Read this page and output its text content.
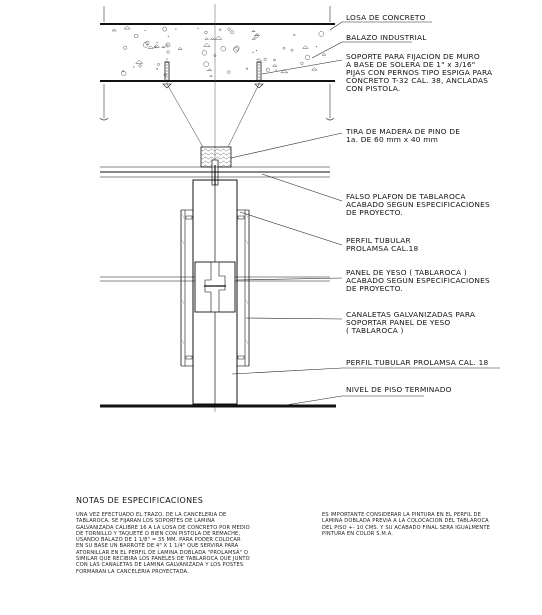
LOSA DE CONCRETO
BALAZO INDUSTRIAL
SOPORTE PARA FIJACION DE MURO A BASE DE SOLERA DE 1" x 3/16" PIJAS CON PERNOS TIPO ESPIGA PARA CONCRETO T-32 CAL. 38, ANCLADAS CON PISTOLA.
TIRA DE MADERA DE PINO DE 1a. DE 60 mm x 40 mm
FALSO PLAFON DE TABLAROCA ACABADO SEGUN ESPECIFICACIONES DE PROYECTO.
PERFIL TUBULAR PROLAMSA CAL.18
PANEL DE YESO ( TABLAROCA ) ACABADO SEGUN ESPECIFICACIONES DE PROYECTO.
CANALETAS GALVANIZADAS PARA SOPORTAR PANEL DE YESO ( TABLAROCA )
PERFIL TUBULAR PROLAMSA CAL. 18
NIVEL DE PISO TERMINADO
NOTAS DE ESPECIFICACIONES

UNA VEZ EFECTUADO EL TRAZO, DE LA CANCELERIA DE

TABLAROCA, SE FIJARAN LOS SOPORTES DE LAMINA

GALVANIZADA CALIBRE 16 A LA LOSA DE CONCRETO POR MEDIO

DE TORNILLO Y TAQUETE O BIEN CON PISTOLA DE REMACHE,

USANDO BALAZO DE 1 1/8" = 35 MM. PARA PODER COLOCAR

EN SU BASE UN BARROTE DE 4" X 1 1/4" QUE SERVIRA PARA

ATORNILLAR EN EL PERFIL DE LAMINA DOBLADA "PROLAMSA" O

SIMILAR QUE RECIBIRA LOS PANELES DE TABLAROCA QUE JUNTO

CON LAS CANALETAS DE LAMINA GALVANIZADA Y LOS POSTES

FORMARAN LA CANCELERIA PROYECTADA.

ES IMPORTANTE CONSIDERAR LA PINTURA EN EL PERFIL DE

LAMINA DOBLADA PREVIA A LA COLOCACION DEL TABLAROCA

DEL PISO +- 10 CMS. Y SU ACABADO FINAL SERA IGUALMENTE

PINTURA EN COLOR S.M.A.
